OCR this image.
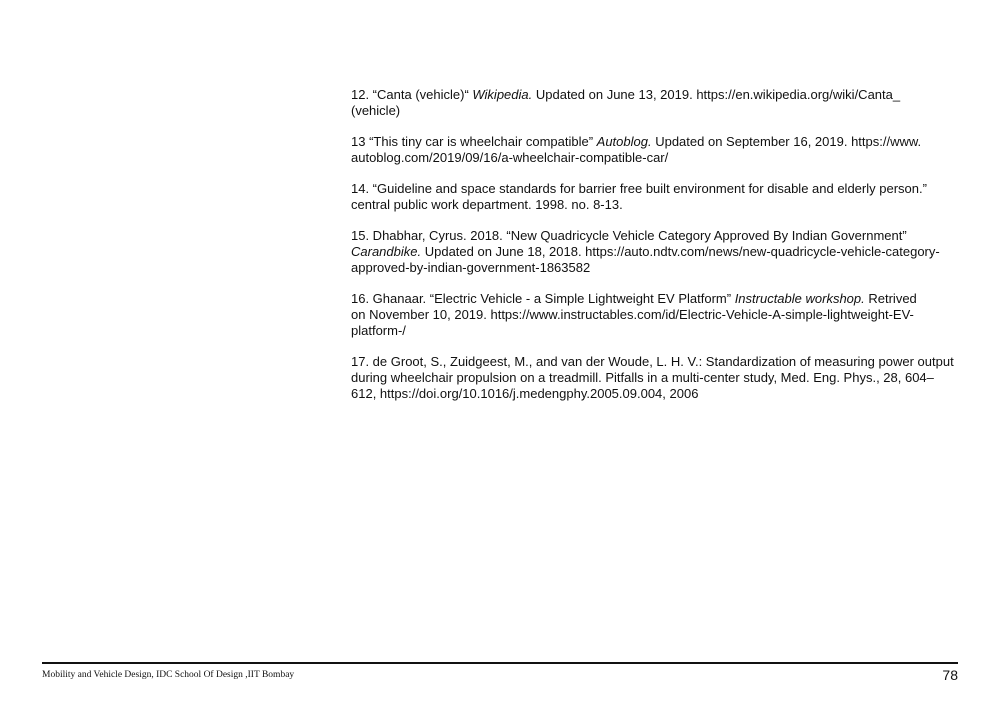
12. “Canta (vehicle)“ Wikipedia. Updated on June 13, 2019. https://en.wikipedia.org/wiki/Canta_
(vehicle)
13 “This tiny car is wheelchair compatible” Autoblog. Updated on September 16, 2019. https://www.
autoblog.com/2019/09/16/a-wheelchair-compatible-car/
14. “Guideline and space standards for barrier free built environment for disable and elderly person.”
central public work department. 1998. no. 8-13.
15. Dhabhar, Cyrus. 2018. “New Quadricycle Vehicle Category Approved By Indian Government”
Carandbike. Updated on June 18, 2018. https://auto.ndtv.com/news/new-quadricycle-vehicle-category-
approved-by-indian-government-1863582
16. Ghanaar. “Electric Vehicle - a Simple Lightweight EV Platform” Instructable workshop. Retrived
on November 10, 2019. https://www.instructables.com/id/Electric-Vehicle-A-simple-lightweight-EV-
platform-/
17. de Groot, S., Zuidgeest, M., and van der Woude, L. H. V.: Standardization of measuring power output
during wheelchair propulsion on a treadmill. Pitfalls in a multi-center study, Med. Eng. Phys., 28, 604–
612, https://doi.org/10.1016/j.medengphy.2005.09.004, 2006
Mobility and Vehicle Design, IDC School Of Design ,IIT Bombay	78
